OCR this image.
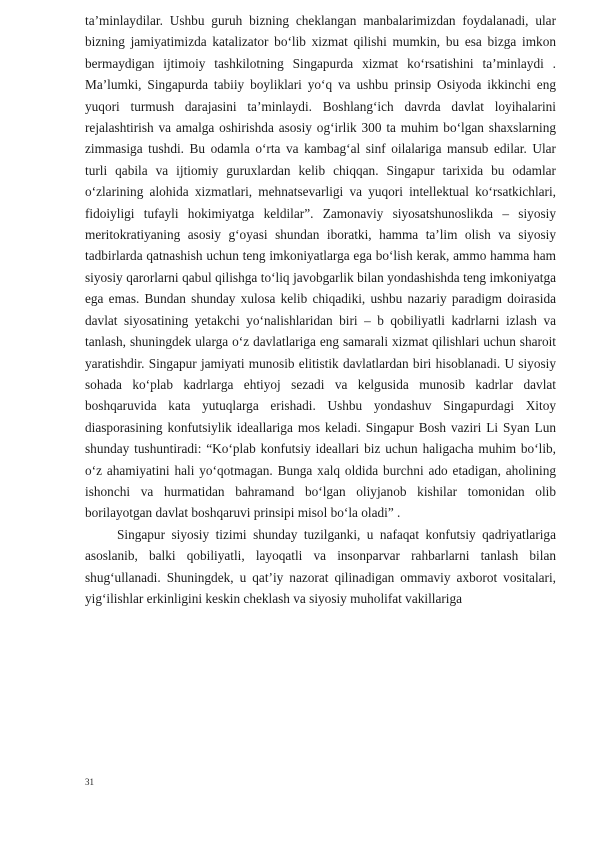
ta’minlaydilar. Ushbu guruh bizning cheklangan manbalarimizdan foydalanadi, ular bizning jamiyatimizda katalizator bo‘lib xizmat qilishi mumkin, bu esa bizga imkon bermaydigan ijtimoiy tashkilotning Singapurda xizmat ko‘rsatishini ta’minlaydi . Ma’lumki, Singapurda tabiiy boyliklari yo‘q va ushbu prinsip Osiyoda ikkinchi eng yuqori turmush darajasini ta’minlaydi. Boshlang‘ich davrda davlat loyihalarini rejalashtirish va amalga oshirishda asosiy og‘irlik 300 ta muhim bo‘lgan shaxslarning zimmasiga tushdi. Bu odamla o‘rta va kambag‘al sinf oilalariga mansub edilar. Ular turli qabila va ijtiomiy guruxlardan kelib chiqqan. Singapur tarixida bu odamlar o‘zlarining alohida xizmatlari, mehnatsevarligi va yuqori intellektual ko‘rsatkichlari, fidoiyligi tufayli hokimiyatga keldilar”. Zamonaviy siyosatshunoslikda – siyosiy meritokratiyaning asosiy g‘oyasi shundan iboratki, hamma ta’lim olish va siyosiy tadbirlarda qatnashish uchun teng imkoniyatlarga ega bo‘lish kerak, ammo hamma ham siyosiy qarorlarni qabul qilishga to‘liq javobgarlik bilan yondashishda teng imkoniyatga ega emas. Bundan shunday xulosa kelib chiqadiki, ushbu nazariy paradigm doirasida davlat siyosatining yetakchi yo‘nalishlaridan biri – b qobiliyatli kadrlarni izlash va tanlash, shuningdek ularga o‘z davlatlariga eng samarali xizmat qilishlari uchun sharoit yaratishdir. Singapur jamiyati munosib elitistik davlatlardan biri hisoblanadi. U siyosiy sohada ko‘plab kadrlarga ehtiyoj sezadi va kelgusida munosib kadrlar davlat boshqaruvida kata yutuqlarga erishadi. Ushbu yondashuv Singapurdagi Xitoy diasporasining konfutsiylik ideallariga mos keladi. Singapur Bosh vaziri Li Syan Lun shunday tushuntiradi: “Ko‘plab konfutsiy ideallari biz uchun haligacha muhim bo‘lib, o‘z ahamiyatini hali yo‘qotmagan. Bunga xalq oldida burchni ado etadigan, aholining ishonchi va hurmatidan bahramand bo‘lgan oliyjanob kishilar tomonidan olib borilayotgan davlat boshqaruvi prinsipi misol bo‘la oladi” .

Singapur siyosiy tizimi shunday tuzilganki, u nafaqat konfutsiy qadriyatlariga asoslanib, balki qobiliyatli, layoqatli va insonparvar rahbarlarni tanlash bilan shug‘ullanadi. Shuningdek, u qat’iy nazorat qilinadigan ommaviy axborot vositalari, yig‘ilishlar erkinligini keskin cheklash va siyosiy muholifat vakillariga

31
